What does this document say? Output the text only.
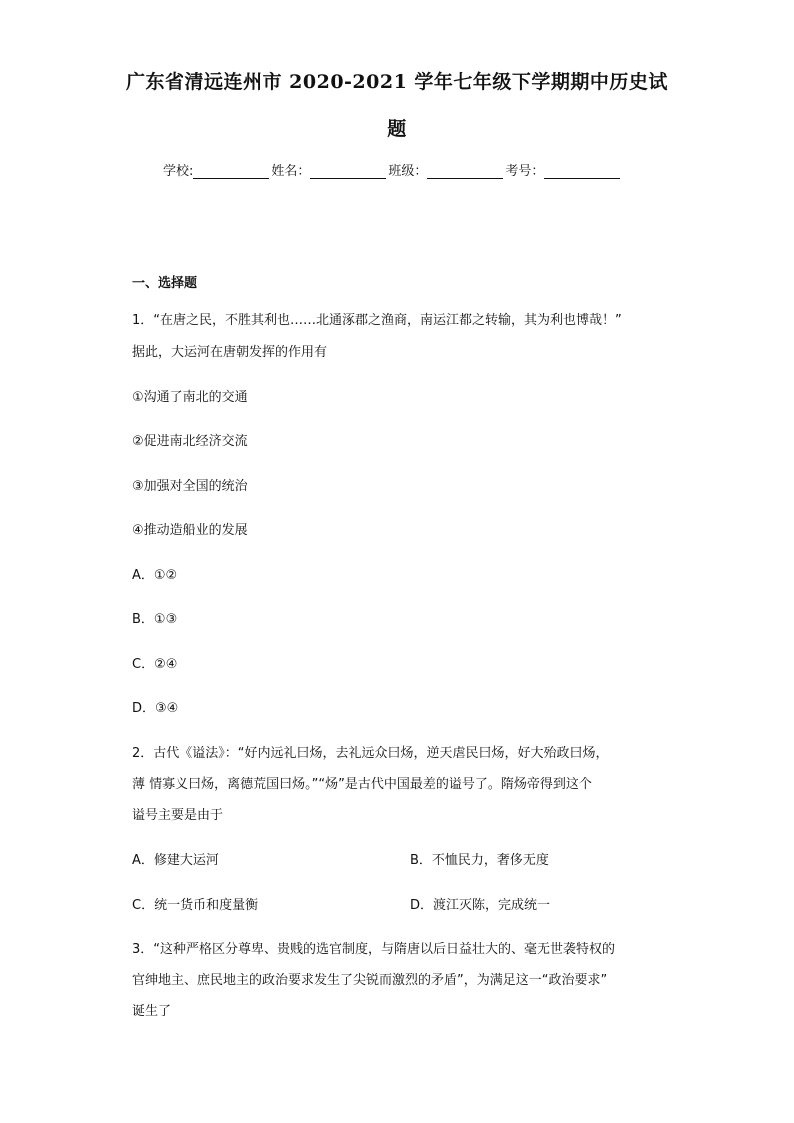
广东省清远连州市 2020-2021 学年七年级下学期期中历史试
题
学校:	姓名：	班级：	考号：
一、选择题
1．“在唐之民，不胜其利也……北通涿郡之渔商，南运江都之转输，其为利也博哉！”
据此，大运河在唐朝发挥的作用有
①沟通了南北的交通
②促进南北经济交流
③加强对全国的统治
④推动造船业的发展
A．①②
B．①③
C．②④
D．③④
2．古代《谥法》：“好内远礼曰炀，去礼远众曰炀，逆天虐民曰炀，好大殆政曰炀，
薄 情寡义曰炀，离德荒国曰炀。”“炀”是古代中国最差的谥号了。隋炀帝得到这个
谥号主要是由于
A．修建大运河	B．不恤民力，奢侈无度
C．统一货币和度量衡	D．渡江灭陈，完成统一
3．“这种严格区分尊卑、贵贱的选官制度，与隋唐以后日益壮大的、毫无世袭特权的
官绅地主、庶民地主的政治要求发生了尖锐而激烈的矛盾”，为满足这一“政治要求”
诞生了
